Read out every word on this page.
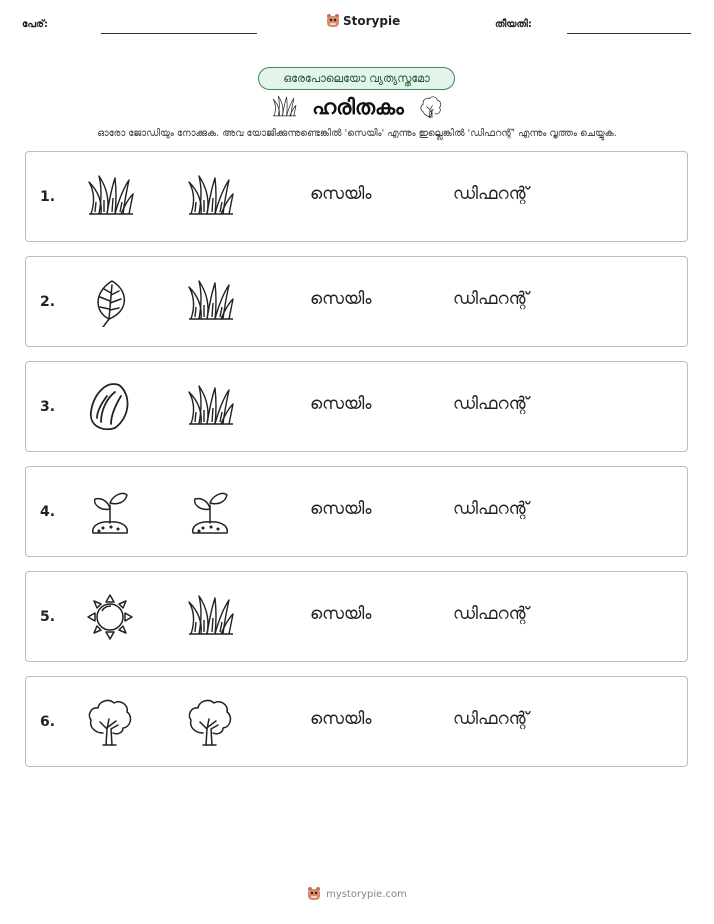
പേര്:	Storypie	തീയതി:
ഒരേപോലെയോ വ്യത്യസ്തമോ
ഹരിതകം
ഓരോ ജോഡിയും നോക്കുക. അവ യോജിക്കുന്നുണ്ടെങ്കിൽ 'സെയിം' എന്നും ഇല്ലെങ്കിൽ 'ഡിഫറന്റ്' എന്നും വൃത്തം ചെയ്യുക.
1.	സെയിം	ഡിഫറന്റ്
2.	സെയിം	ഡിഫറന്റ്
3.	സെയിം	ഡിഫറന്റ്
4.	സെയിം	ഡിഫറന്റ്
5.	സെയിം	ഡിഫറന്റ്
6.	സെയിം	ഡിഫറന്റ്
mystorypie.com
